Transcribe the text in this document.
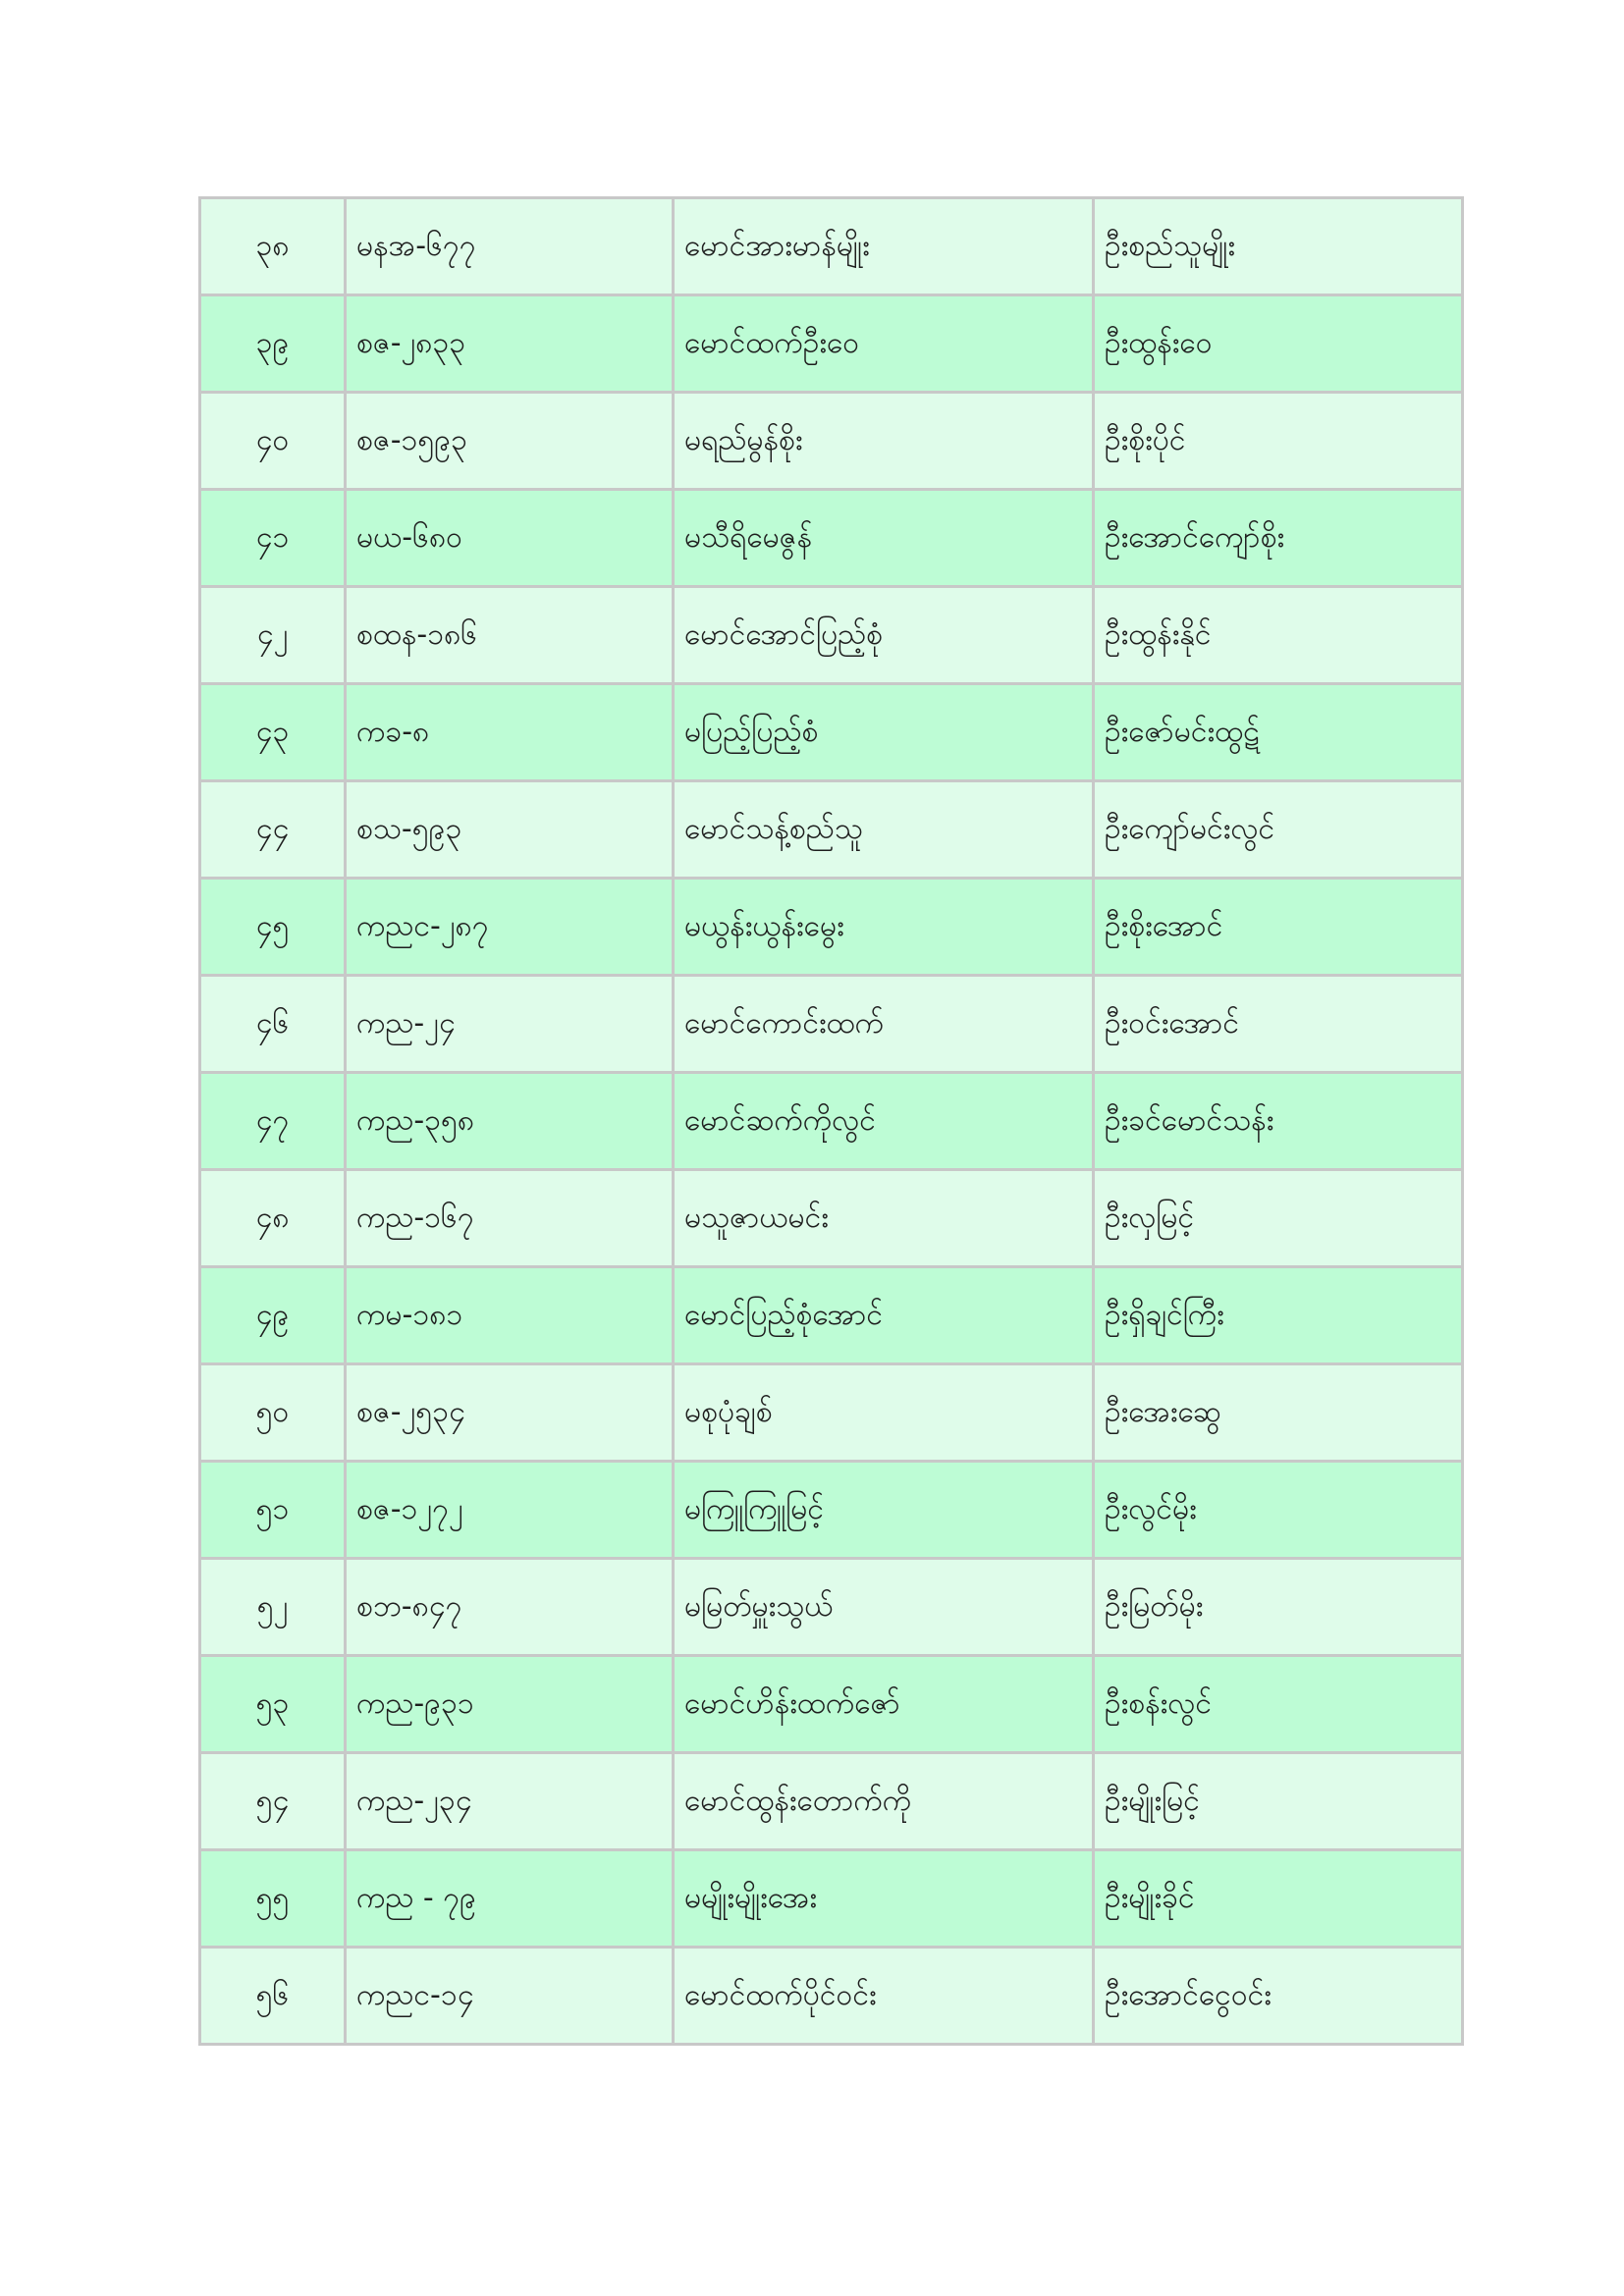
၃၈	မနအ-၆၇၇	မောင်အားမာန်မျိုး	ဦးစည်သူမျိုး
၃၉	စဇ-၂၈၃၃	မောင်ထက်ဦးဝေ	ဦးထွန်းဝေ
၄၀	စဇ-၁၅၉၃	မရည်မွန်စိုး	ဦးစိုးပိုင်
၄၁	မယ-၆၈၀	မသီရိမေဇွန်	ဦးအောင်ကျော်စိုး
၄၂	စထန-၁၈၆	မောင်အောင်ပြည့်စုံ	ဦးထွန်းနိုင်
၄၃	ကခ-၈	မပြည့်ပြည့်စံ	ဦးဇော်မင်းထွဋ်
၄၄	စသ-၅၉၃	မောင်သန့်စည်သူ	ဦးကျော်မင်းလွင်
၄၅	ကညင-၂၈၇	မယွန်းယွန်းမွေး	ဦးစိုးအောင်
၄၆	ကည-၂၄	မောင်ကောင်းထက်	ဦးဝင်းအောင်
၄၇	ကည-၃၅၈	မောင်ဆက်ကိုလွင်	ဦးခင်မောင်သန်း
၄၈	ကည-၁၆၇	မသူဇာယမင်း	ဦးလှမြင့်
၄၉	ကမ-၁၈၁	မောင်ပြည့်စုံအောင်	ဦးရှိချင်ကြီး
၅၀	စဇ-၂၅၃၄	မစုပုံချစ်	ဦးအေးဆွေ
၅၁	စဇ-၁၂၇၂	မကြူကြူမြင့်	ဦးလွင်မိုး
၅၂	စဘ-၈၄၇	မမြတ်မှူးသွယ်	ဦးမြတ်မိုး
၅၃	ကည-၉၃၁	မောင်ဟိန်းထက်ဇော်	ဦးစန်းလွင်
၅၄	ကည-၂၃၄	မောင်ထွန်းတောက်ကို	ဦးမျိုးမြင့်
၅၅	ကည - ၇၉	မမျိုးမျိုးအေး	ဦးမျိုးခိုင်
၅၆	ကညင-၁၄	မောင်ထက်ပိုင်ဝင်း	ဦးအောင်ငွေဝင်း
